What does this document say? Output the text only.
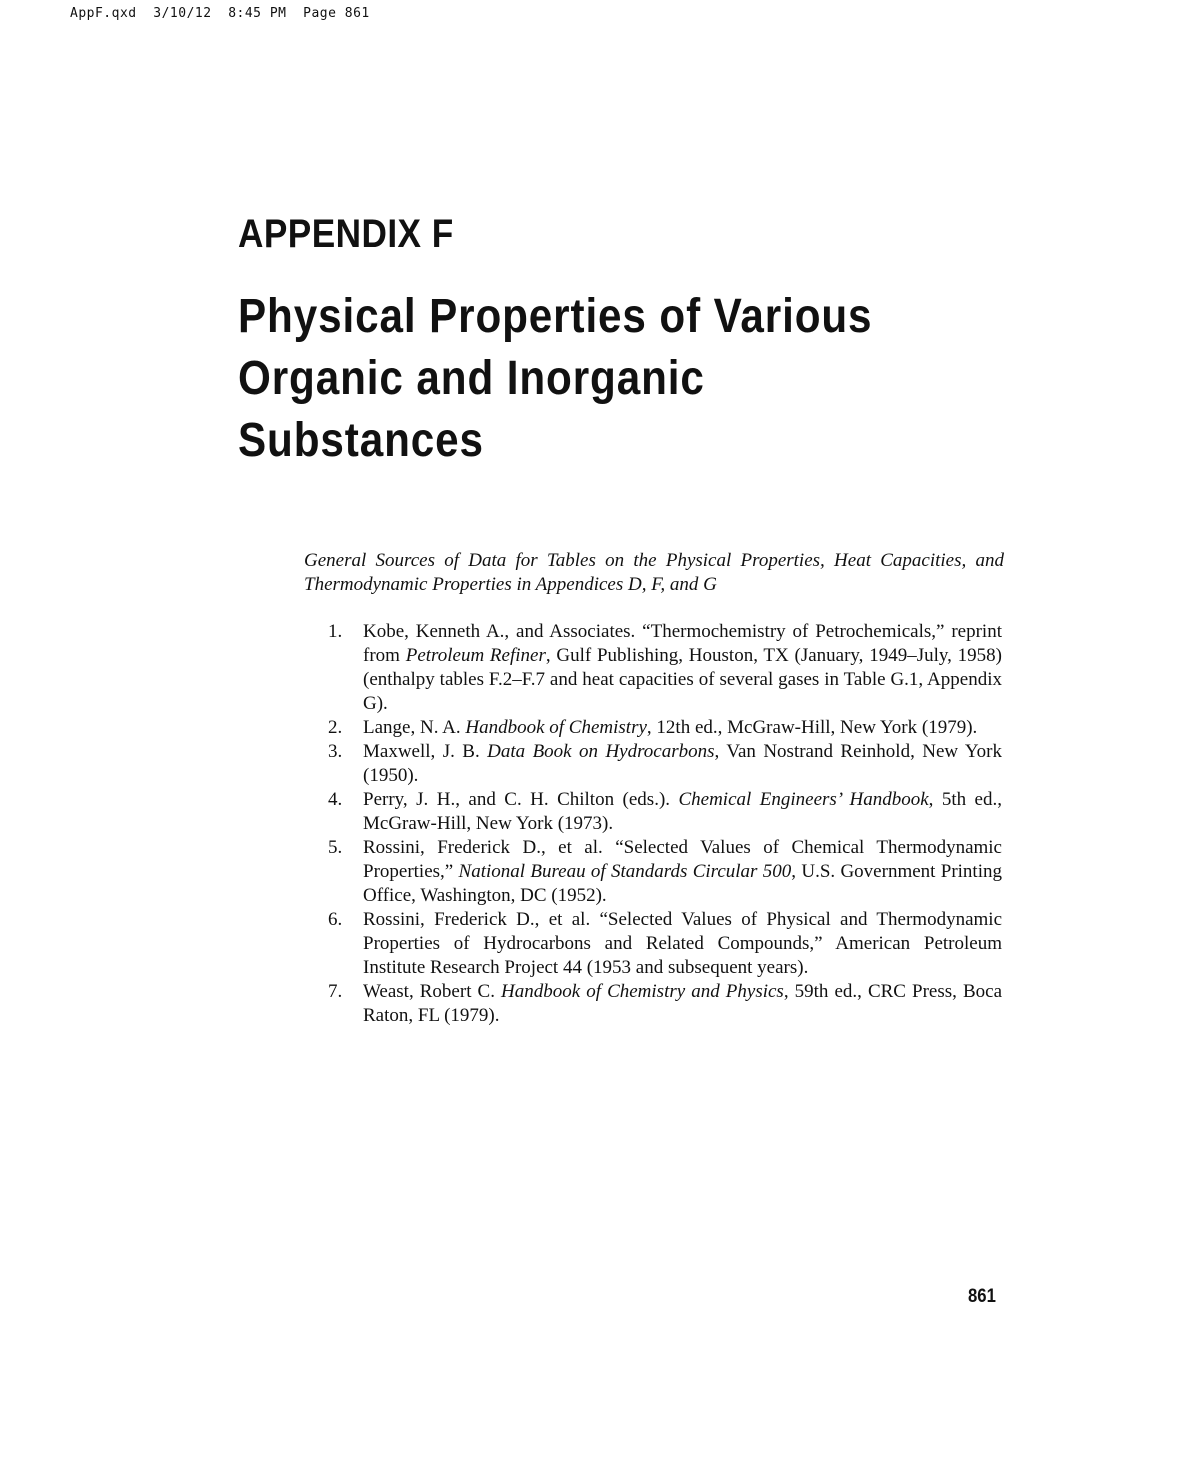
AppF.qxd  3/10/12  8:45 PM  Page 861
APPENDIX F
Physical Properties of Various
Organic and Inorganic
Substances
General Sources of Data for Tables on the Physical Properties, Heat Capacities, and Thermodynamic Properties in Appendices D, F, and G
1. Kobe, Kenneth A., and Associates. “Thermochemistry of Petrochemicals,” reprint from Petroleum Refiner, Gulf Publishing, Houston, TX (January, 1949–July, 1958) (enthalpy tables F.2–F.7 and heat capacities of several gases in Table G.1, Appendix G).
2. Lange, N. A. Handbook of Chemistry, 12th ed., McGraw-Hill, New York (1979).
3. Maxwell, J. B. Data Book on Hydrocarbons, Van Nostrand Reinhold, New York (1950).
4. Perry, J. H., and C. H. Chilton (eds.). Chemical Engineers’ Handbook, 5th ed., McGraw-Hill, New York (1973).
5. Rossini, Frederick D., et al. “Selected Values of Chemical Thermodynamic Properties,” National Bureau of Standards Circular 500, U.S. Government Printing Office, Washington, DC (1952).
6. Rossini, Frederick D., et al. “Selected Values of Physical and Thermodynamic Properties of Hydrocarbons and Related Compounds,” American Petroleum Institute Research Project 44 (1953 and subsequent years).
7. Weast, Robert C. Handbook of Chemistry and Physics, 59th ed., CRC Press, Boca Raton, FL (1979).
861
